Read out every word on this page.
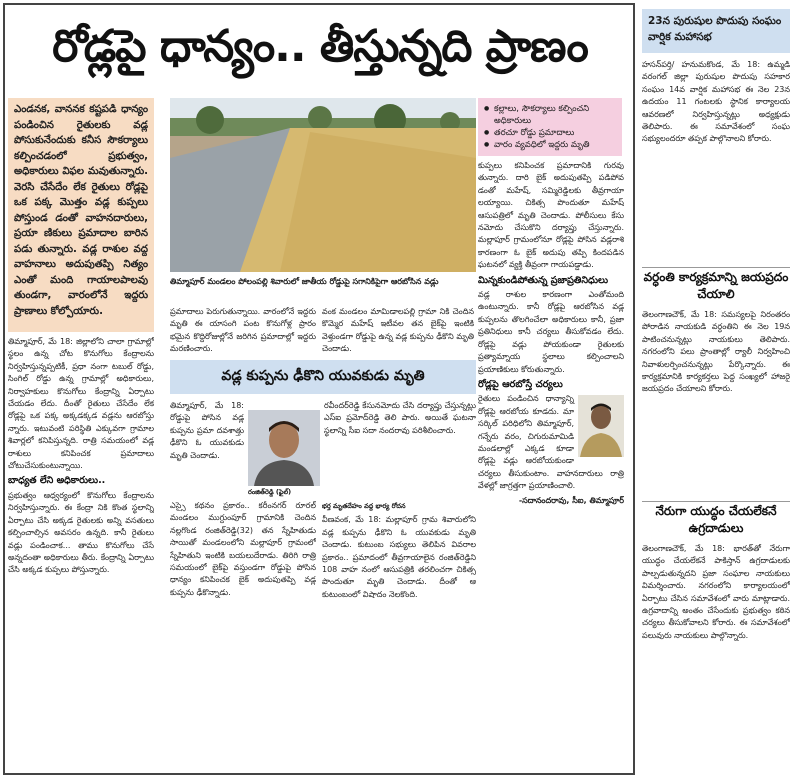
రోడ్లపై ధాన్యం.. తీస్తున్నది ప్రాణం
ఎండనక, వాననక కష్టపడి ధాన్యం పండించిన రైతులకు వడ్ల పోసుకునేందుకు కనీస సౌకర్యాలు కల్పించడంలో ప్రభుత్వం, అధికారులు విఫల మవుతున్నారు. వెరసి చేసేదేం లేక రైతులు రోడ్లపై ఒక పక్క మొత్తం వడ్ల కుప్పలు పోస్తుండ డంతో వాహనదారులు, ప్రయా ణికులు ప్రమాదాల బారిన పడు తున్నారు. వడ్ల రాశుల వద్ద వాహనాలు అదుపుతప్పి నిత్యం ఎంతో మంది గాయాలపాలవు తుండగా, వారంలోనే ఇద్దరు ప్రాణాలు కోల్పోయారు.

తిమ్మాపూర్, మే 18: జిల్లాలోని చాలా గ్రామాల్లో స్థలం ఉన్న చోట కొనుగోలు కేంద్రాలను నిర్వహిస్తున్నప్పటికీ, ప్రధా నంగా టబుల్ రోడ్డు, సింగిల్ రోడ్డు ఉన్న గ్రామాల్లో అధికారులు, నిర్వాహకులు కొనుగోలు కేంద్రాన్ని ఏర్పాటు చేయడం లేదు. దీంతో రైతులు చేసేదేం లేక రోడ్లపై ఒక పక్క అక్కడక్కడ వడ్లను ఆరబోస్తు న్నారు. ఇటువంటి పరిస్థితి ఎక్కువగా గ్రామాల శివార్లలో కనిపిస్తున్నది. రాత్రి సమయంలో వడ్ల రాశులు కనిపించక ప్రమాదాలు చోటుచేసుకుంటున్నాయి.

బాధ్యత లేని అధికారులు..

ప్రభుత్వం ఆధ్వర్యంలో కొనుగోలు కేంద్రాలను నిర్వహిస్తున్నారు. ఈ కేంద్రా నికి కొంత స్థలాన్ని ఏర్పాటు చేసి అక్కడ రైతులకు అన్ని వసతులు కల్పించాల్సిన అవసరం ఉన్నది. కానీ రైతులు వడ్లు పండించాక... తాము కొనుగోలు చేసే అన్నదంతా అధికారులు తీరు. కేంద్రాన్ని ఏర్పాటు చేసి అక్కడ కుప్పలు పోస్తున్నారు.

తిమ్మాపూర్ మండలం పోలంపల్లి శివారులో జాతీయ రోడ్డుపై సగానికిపైగా ఆరబోసిన వడ్లు
● కల్లాలు, సౌకర్యాలు కల్పించని అధికారులు
● తరచూ రోడ్డు ప్రమాదాలు
● వారం వ్యవధిలో ఇద్దరు మృతి
ప్రమాదాలు పెరుగుతున్నాయి. వారంలోనే ఇద్దరు మృతి ఈ యాసంగి పంట కొనుగోళ్ల ప్రారం భమైన కొద్దిరోజుల్లోనే జరిగిన ప్రమాదాల్లో ఇద్దరు మరణించారు.
వంక మండలం మామిడాలపల్లి గ్రామా నికి చెందిన కొమ్మెర మహేష్ ఇటీవల తన బైక్‌పై ఇంటికి వెళ్తుండగా రోడ్డుపై ఉన్న వడ్ల కుప్పను ఢీకొని మృతి చెందాడు.
వడ్ల కుప్పను ఢీకొని యువకుడు మృతి
తిమ్మాపూర్, మే 18: రోడ్డుపై పోసిన వడ్ల కుప్పను ప్రమా దవశాత్తు ఢీకొని ఓ యువకుడు మృతి చెందాడు.
రంజిత్‌రెడ్డి (ఫైల్)
రవీందర్‌రెడ్డి కేసునమోదు చేసి దర్యాప్తు చేస్తున్నట్లు ఎస్ఐ ప్రమోద్‌రెడ్డి తెలి పారు. అయితే ఘటనా స్థలాన్ని సీఐ సదా నందరావు పరిశీలించారు.
ఎస్సై కథనం ప్రకారం.. కరీంనగర్ రూరల్ మండలం ముగ్దుంపూర్ గ్రామానికి చెందిన నల్లగొండ రంజిత్‌రెడ్డి(32) తన స్నేహితుడు సాయితో మండలంలోని మల్లాపూర్ గ్రామంలో స్నేహితుని ఇంటికి బయలుదేరాడు. తిరిగి రాత్రి సమయంలో బైక్‌పై వస్తుండగా రోడ్డుపై పోసిన ధాన్యం కనిపించక బైక్ అదుపుతప్పి వడ్ల కుప్పను ఢీకొన్నాడు.
భర్త మృతదేహం వద్ద భార్య రోదన

వీణవంక, మే 18: మల్లాపూర్ గ్రామ శివారులోని వడ్ల కుప్పను ఢీకొని ఓ యువకుడు మృతి చెందాడు. కుటుంబ సభ్యులు తెలిపిన వివరాల ప్రకారం.. ప్రమాదంలో తీవ్రగాయాలైన రంజిత్‌రెడ్డిని 108 వాహ నంలో ఆసుపత్రికి తరలించగా చికిత్స పొందుతూ మృతి చెందాడు. దీంతో ఆ కుటుంబంలో విషాదం నెలకొంది.

కుప్పలు కనిపించక ప్రమాదానికి గురవు తున్నారు. దారి బైక్ అదుపుతప్పి పడిపోవ డంతో మహేష్, సమ్మిరెడ్డిలకు తీవ్రగాయా లయ్యాయి. చికిత్స పొందుతూ మహేష్ ఆసుపత్రిలో మృతి చెందాడు. పోలీసులు కేసు నమోదు చేసుకొని దర్యాప్తు చేస్తున్నారు. మల్లాపూర్ గ్రామంలోనూ రోడ్లపై పోసిన వడ్లరాశి కారణంగా ఓ బైక్ అదుపు తప్పి కిందపడిన ఘటనలో వ్యక్తి తీవ్రంగా గాయపడ్డాడు.

మిన్నకుండిపోతున్న ప్రజాప్రతినిధులు

వడ్ల రాశుల కారణంగా ఎంతోమంది ఉంటున్నారు. కానీ రోడ్లపై ఆరబోసిన వడ్ల కుప్పలను తొలగించేలా అధికారులు కానీ, ప్రజా ప్రతినిధులు కానీ చర్యలు తీసుకోవడం లేదు. రోడ్లపై వడ్లు పోయకుండా రైతులకు ప్రత్యామ్నాయ స్థలాలు కల్పించాలని ప్రయాణికులు కోరుతున్నారు.

రోడ్లపై ఆరబోస్తే చర్యలు

రైతులు పండించిన ధాన్యాన్ని రోడ్లపై ఆరబోయ కూడదు. మా సర్కిల్ పరిధిలోని తిమ్మాపూర్, గన్నేరు వరం, చిగురుమామిడి మండలాల్లో ఎక్కడ కూడా రోడ్లపై వడ్లు ఆరబోయకుండా చర్యలు తీసుకుంటాం. వాహనదారులు రాత్రి వేళల్లో జాగ్రత్తగా ప్రయాణించాలి.

-సదానందరావు, సీఐ, తిమ్మాపూర్
23న పురుషుల పొదుపు సంఘం వార్షిక మహాసభ
హసన్‌పర్తి/ హనుమకొండ, మే 18: ఉమ్మడి వరంగల్ జిల్లా పురుషుల పొదుపు సహకార సంఘం 14వ వార్షిక మహాసభ ఈ నెల 23న ఉదయం 11 గంటలకు స్థానిక కార్యాలయ ఆవరణలో నిర్వహిస్తున్నట్లు అధ్యక్షుడు తెలిపారు. ఈ సమావేశంలో సంఘ సభ్యులందరూ తప్పక పాల్గొనాలని కోరారు.
వర్ధంతి కార్యక్రమాన్ని జయప్రదం చేయాలి
తెలంగాణచౌక్, మే 18: సమస్యలపై నిరంతరం పోరాడిన నాయకుడి వర్ధంతిని ఈ నెల 19న పాటించనున్నట్లు నాయకులు తెలిపారు. నగరంలోని పలు ప్రాంతాల్లో ర్యాలీ నిర్వహించి నివాళులర్పించనున్నట్లు పేర్కొన్నారు. ఈ కార్యక్రమానికి కార్యకర్తలు పెద్ద సంఖ్యలో హాజరై జయప్రదం చేయాలని కోరారు.
నేరుగా యుద్ధం చేయలేకనే ఉగ్రదాడులు
తెలంగాణచౌక్, మే 18: భారత్‌తో నేరుగా యుద్ధం చేయలేకనే పాకిస్తాన్ ఉగ్రదాడులకు పాల్పడుతున్నదని ప్రజా సంఘాల నాయకులు విమర్శించారు. నగరంలోని కార్యాలయంలో ఏర్పాటు చేసిన సమావేశంలో వారు మాట్లాడారు. ఉగ్రవాదాన్ని అంతం చేసేందుకు ప్రభుత్వం కఠిన చర్యలు తీసుకోవాలని కోరారు. ఈ సమావేశంలో పలువురు నాయకులు పాల్గొన్నారు.
